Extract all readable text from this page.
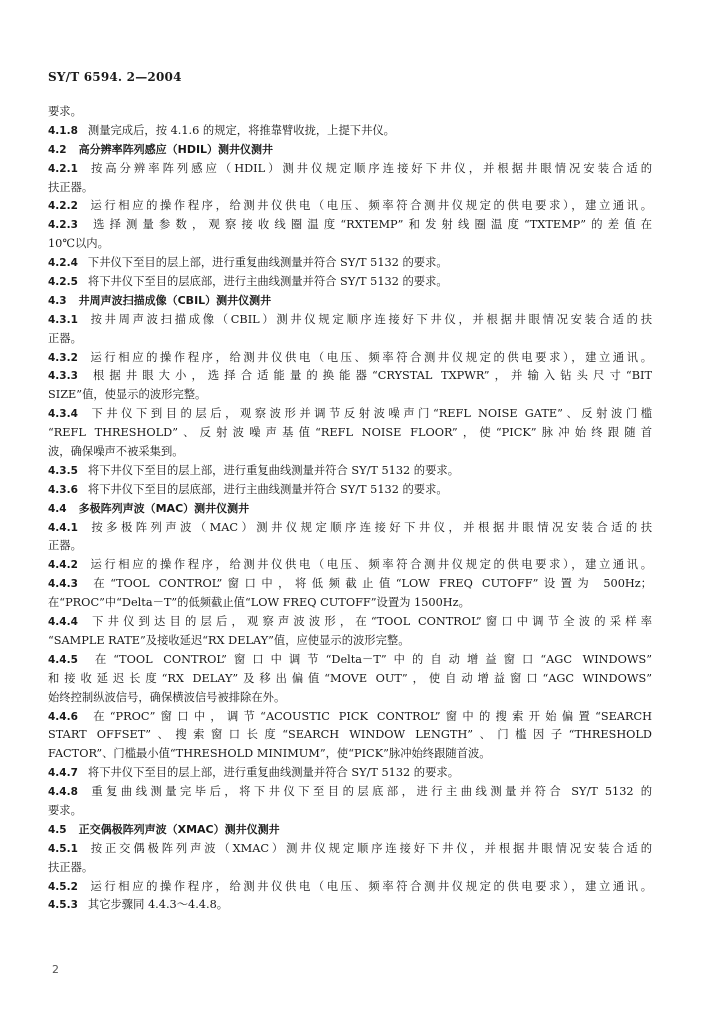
SY/T 6594. 2—2004
要求。
4.1.8 测量完成后，按 4.1.6 的规定，将推靠臂收拢，上提下井仪。
4.2 高分辨率阵列感应（HDIL）测井仪测井
4.2.1 按高分辨率阵列感应（HDIL）测井仪规定顺序连接好下井仪，并根据井眼情况安装合适的
扶正器。
4.2.2 运行相应的操作程序，给测井仪供电（电压、频率符合测井仪规定的供电要求），建立通讯。
4.2.3 选择测量参数，观察接收线圈温度“RXTEMP”和发射线圈温度“TXTEMP”的差值在
10℃以内。
4.2.4 下井仪下至目的层上部，进行重复曲线测量并符合 SY/T 5132 的要求。
4.2.5 将下井仪下至目的层底部，进行主曲线测量并符合 SY/T 5132 的要求。
4.3 井周声波扫描成像（CBIL）测井仪测井
4.3.1 按井周声波扫描成像（CBIL）测井仪规定顺序连接好下井仪，并根据井眼情况安装合适的扶
正器。
4.3.2 运行相应的操作程序，给测井仪供电（电压、频率符合测井仪规定的供电要求），建立通讯。
4.3.3 根据井眼大小，选择合适能量的换能器“CRYSTAL TXPWR”，并输入钻头尺寸“BIT
SIZE”值，使显示的波形完整。
4.3.4 下井仪下到目的层后，观察波形并调节反射波噪声门“REFL NOISE GATE”、反射波门槛
“REFL THRESHOLD”、反射波噪声基值“REFL NOISE FLOOR”，使“PICK”脉冲始终跟随首
波，确保噪声不被采集到。
4.3.5 将下井仪下至目的层上部，进行重复曲线测量并符合 SY/T 5132 的要求。
4.3.6 将下井仪下至目的层底部，进行主曲线测量并符合 SY/T 5132 的要求。
4.4 多极阵列声波（MAC）测井仪测井
4.4.1 按多极阵列声波（MAC）测井仪规定顺序连接好下井仪，并根据井眼情况安装合适的扶
正器。
4.4.2 运行相应的操作程序，给测井仪供电（电压、频率符合测井仪规定的供电要求），建立通讯。
4.4.3 在“TOOL CONTROL”窗口中，将低频截止值“LOW FREQ CUTOFF”设置为 500Hz；
在“PROC”中“Delta－T”的低频截止值“LOW FREQ CUTOFF”设置为 1500Hz。
4.4.4 下井仪到达目的层后，观察声波波形，在“TOOL CONTROL”窗口中调节全波的采样率
“SAMPLE RATE”及接收延迟“RX DELAY”值，应使显示的波形完整。
4.4.5 在“TOOL CONTROL”窗口中调节“Delta－T”中的自动增益窗口“AGC WINDOWS”
和接收延迟长度“RX DELAY”及移出偏值“MOVE OUT”，使自动增益窗口“AGC WINDOWS”
始终控制纵波信号，确保横波信号被排除在外。
4.4.6 在“PROC”窗口中，调节“ACOUSTIC PICK CONTROL”窗中的搜索开始偏置“SEARCH
START OFFSET”、搜索窗口长度“SEARCH WINDOW LENGTH”、门槛因子“THRESHOLD
FACTOR”、门槛最小值“THRESHOLD MINIMUM”，使“PICK”脉冲始终跟随首波。
4.4.7 将下井仪下至目的层上部，进行重复曲线测量并符合 SY/T 5132 的要求。
4.4.8 重复曲线测量完毕后，将下井仪下至目的层底部，进行主曲线测量并符合 SY/T 5132 的
要求。
4.5 正交偶极阵列声波（XMAC）测井仪测井
4.5.1 按正交偶极阵列声波（XMAC）测井仪规定顺序连接好下井仪，并根据井眼情况安装合适的
扶正器。
4.5.2 运行相应的操作程序，给测井仪供电（电压、频率符合测井仪规定的供电要求），建立通讯。
4.5.3 其它步骤同 4.4.3～4.4.8。
2
